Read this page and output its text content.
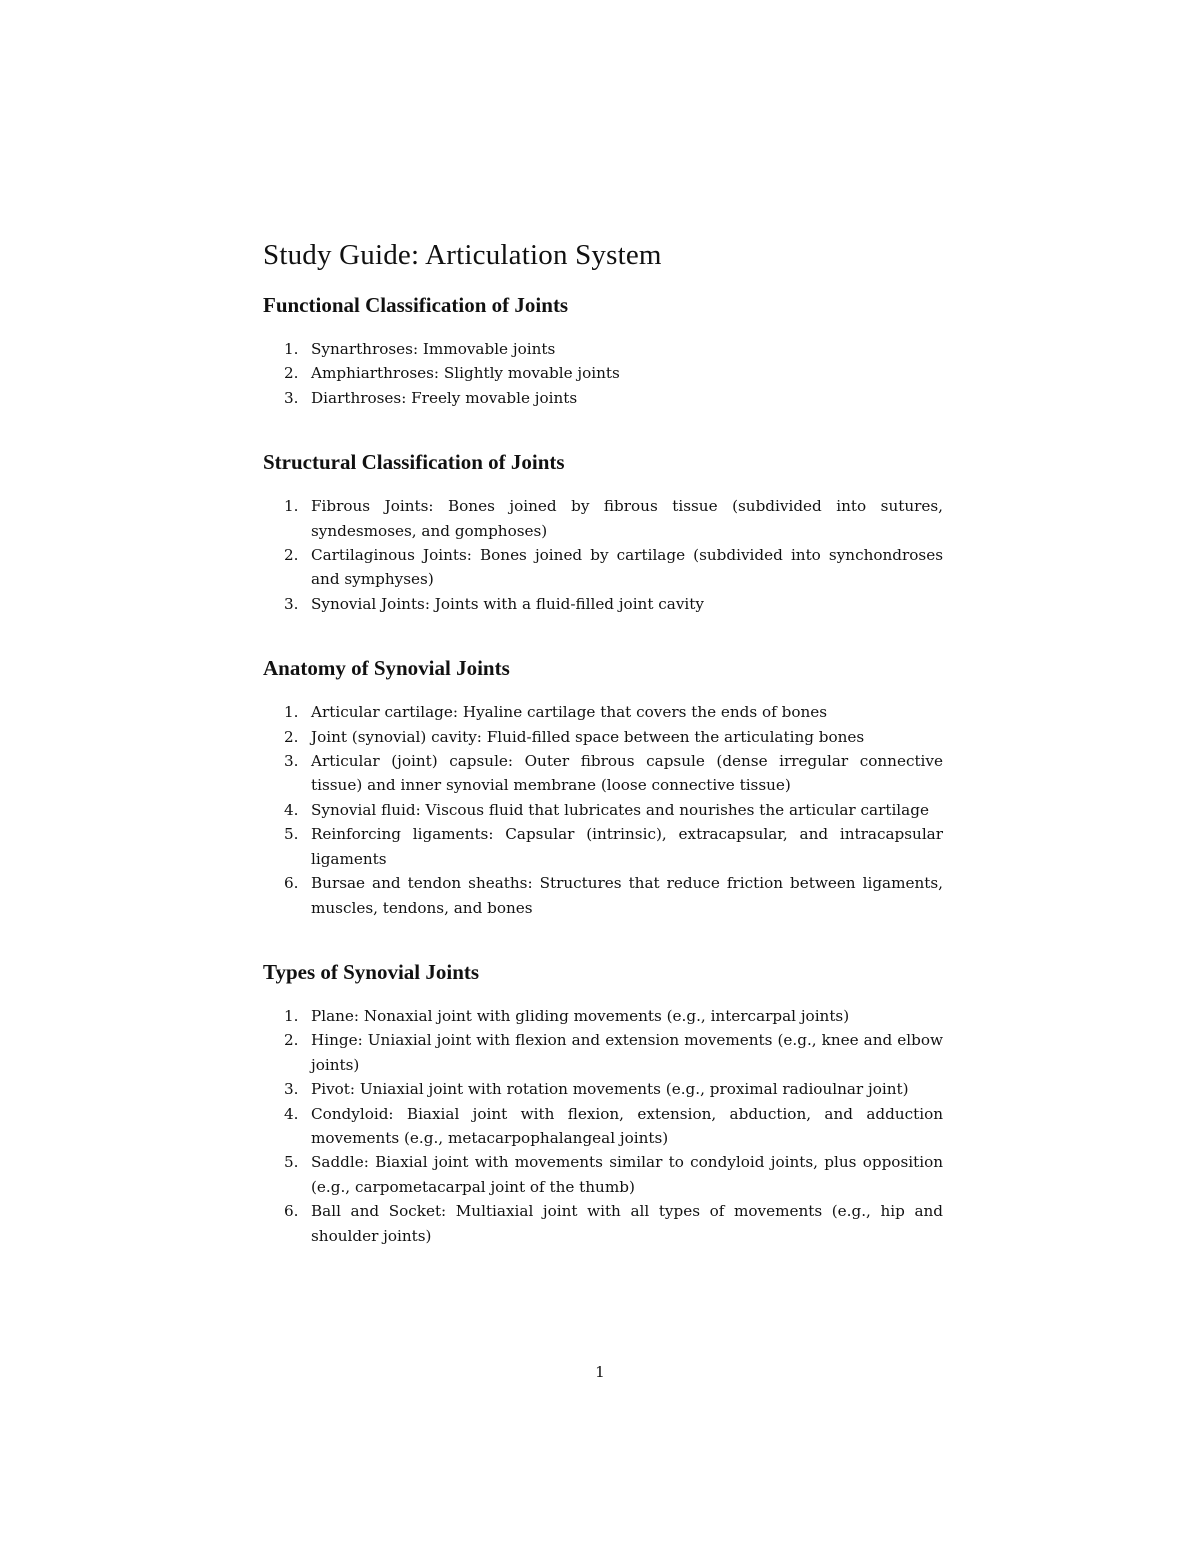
Study Guide: Articulation System
Functional Classification of Joints
1. Synarthroses: Immovable joints
2. Amphiarthroses: Slightly movable joints
3. Diarthroses: Freely movable joints
Structural Classification of Joints
1. Fibrous Joints: Bones joined by fibrous tissue (subdivided into sutures, syndesmoses, and gomphoses)
2. Cartilaginous Joints: Bones joined by cartilage (subdivided into synchondroses and symphyses)
3. Synovial Joints: Joints with a fluid-filled joint cavity
Anatomy of Synovial Joints
1. Articular cartilage: Hyaline cartilage that covers the ends of bones
2. Joint (synovial) cavity: Fluid-filled space between the articulating bones
3. Articular (joint) capsule: Outer fibrous capsule (dense irregular connective tissue) and inner synovial membrane (loose connective tissue)
4. Synovial fluid: Viscous fluid that lubricates and nourishes the articular cartilage
5. Reinforcing ligaments: Capsular (intrinsic), extracapsular, and intracapsular ligaments
6. Bursae and tendon sheaths: Structures that reduce friction between ligaments, muscles, tendons, and bones
Types of Synovial Joints
1. Plane: Nonaxial joint with gliding movements (e.g., intercarpal joints)
2. Hinge: Uniaxial joint with flexion and extension movements (e.g., knee and elbow joints)
3. Pivot: Uniaxial joint with rotation movements (e.g., proximal radioulnar joint)
4. Condyloid: Biaxial joint with flexion, extension, abduction, and adduction movements (e.g., metacarpophalangeal joints)
5. Saddle: Biaxial joint with movements similar to condyloid joints, plus opposition (e.g., carpometacarpal joint of the thumb)
6. Ball and Socket: Multiaxial joint with all types of movements (e.g., hip and shoulder joints)
1
